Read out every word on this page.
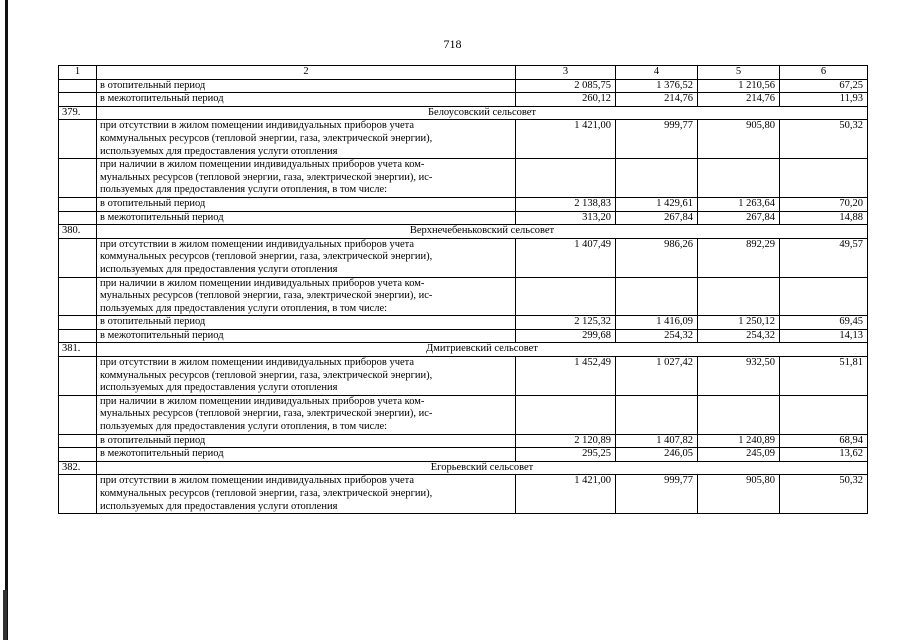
718
1	2	3	4	5	6
	в отопительный период	2 085,75	1 376,52	1 210,56	67,25
	в межотопительный период	260,12	214,76	214,76	11,93
379.	Белоусовский сельсовет				

	при отсутствии в жилом помещении индивидуальных приборов учета
коммунальных ресурсов (тепловой энергии, газа, электрической энергии),
используемых для предоставления услуги отопления	1 421,00	999,77	905,80	50,32

	при наличии в жилом помещении индивидуальных приборов учета ком-
мунальных ресурсов (тепловой энергии, газа, электрической энергии), ис-
пользуемых для предоставления услуги отопления, в том числе:				

	в отопительный период	2 138,83	1 429,61	1 263,64	70,20
	в межотопительный период	313,20	267,84	267,84	14,88
380.	Верхнечебеньковский сельсовет				

	при отсутствии в жилом помещении индивидуальных приборов учета
коммунальных ресурсов (тепловой энергии, газа, электрической энергии),
используемых для предоставления услуги отопления	1 407,49	986,26	892,29	49,57

	при наличии в жилом помещении индивидуальных приборов учета ком-
мунальных ресурсов (тепловой энергии, газа, электрической энергии), ис-
пользуемых для предоставления услуги отопления, в том числе:				

	в отопительный период	2 125,32	1 416,09	1 250,12	69,45
	в межотопительный период	299,68	254,32	254,32	14,13
381.	Дмитриевский сельсовет				

	при отсутствии в жилом помещении индивидуальных приборов учета
коммунальных ресурсов (тепловой энергии, газа, электрической энергии),
используемых для предоставления услуги отопления	1 452,49	1 027,42	932,50	51,81

	при наличии в жилом помещении индивидуальных приборов учета ком-
мунальных ресурсов (тепловой энергии, газа, электрической энергии), ис-
пользуемых для предоставления услуги отопления, в том числе:				

	в отопительный период	2 120,89	1 407,82	1 240,89	68,94
	в межотопительный период	295,25	246,05	245,09	13,62
382.	Егорьевский сельсовет				

	при отсутствии в жилом помещении индивидуальных приборов учета
коммунальных ресурсов (тепловой энергии, газа, электрической энергии),
используемых для предоставления услуги отопления	1 421,00	999,77	905,80	50,32
